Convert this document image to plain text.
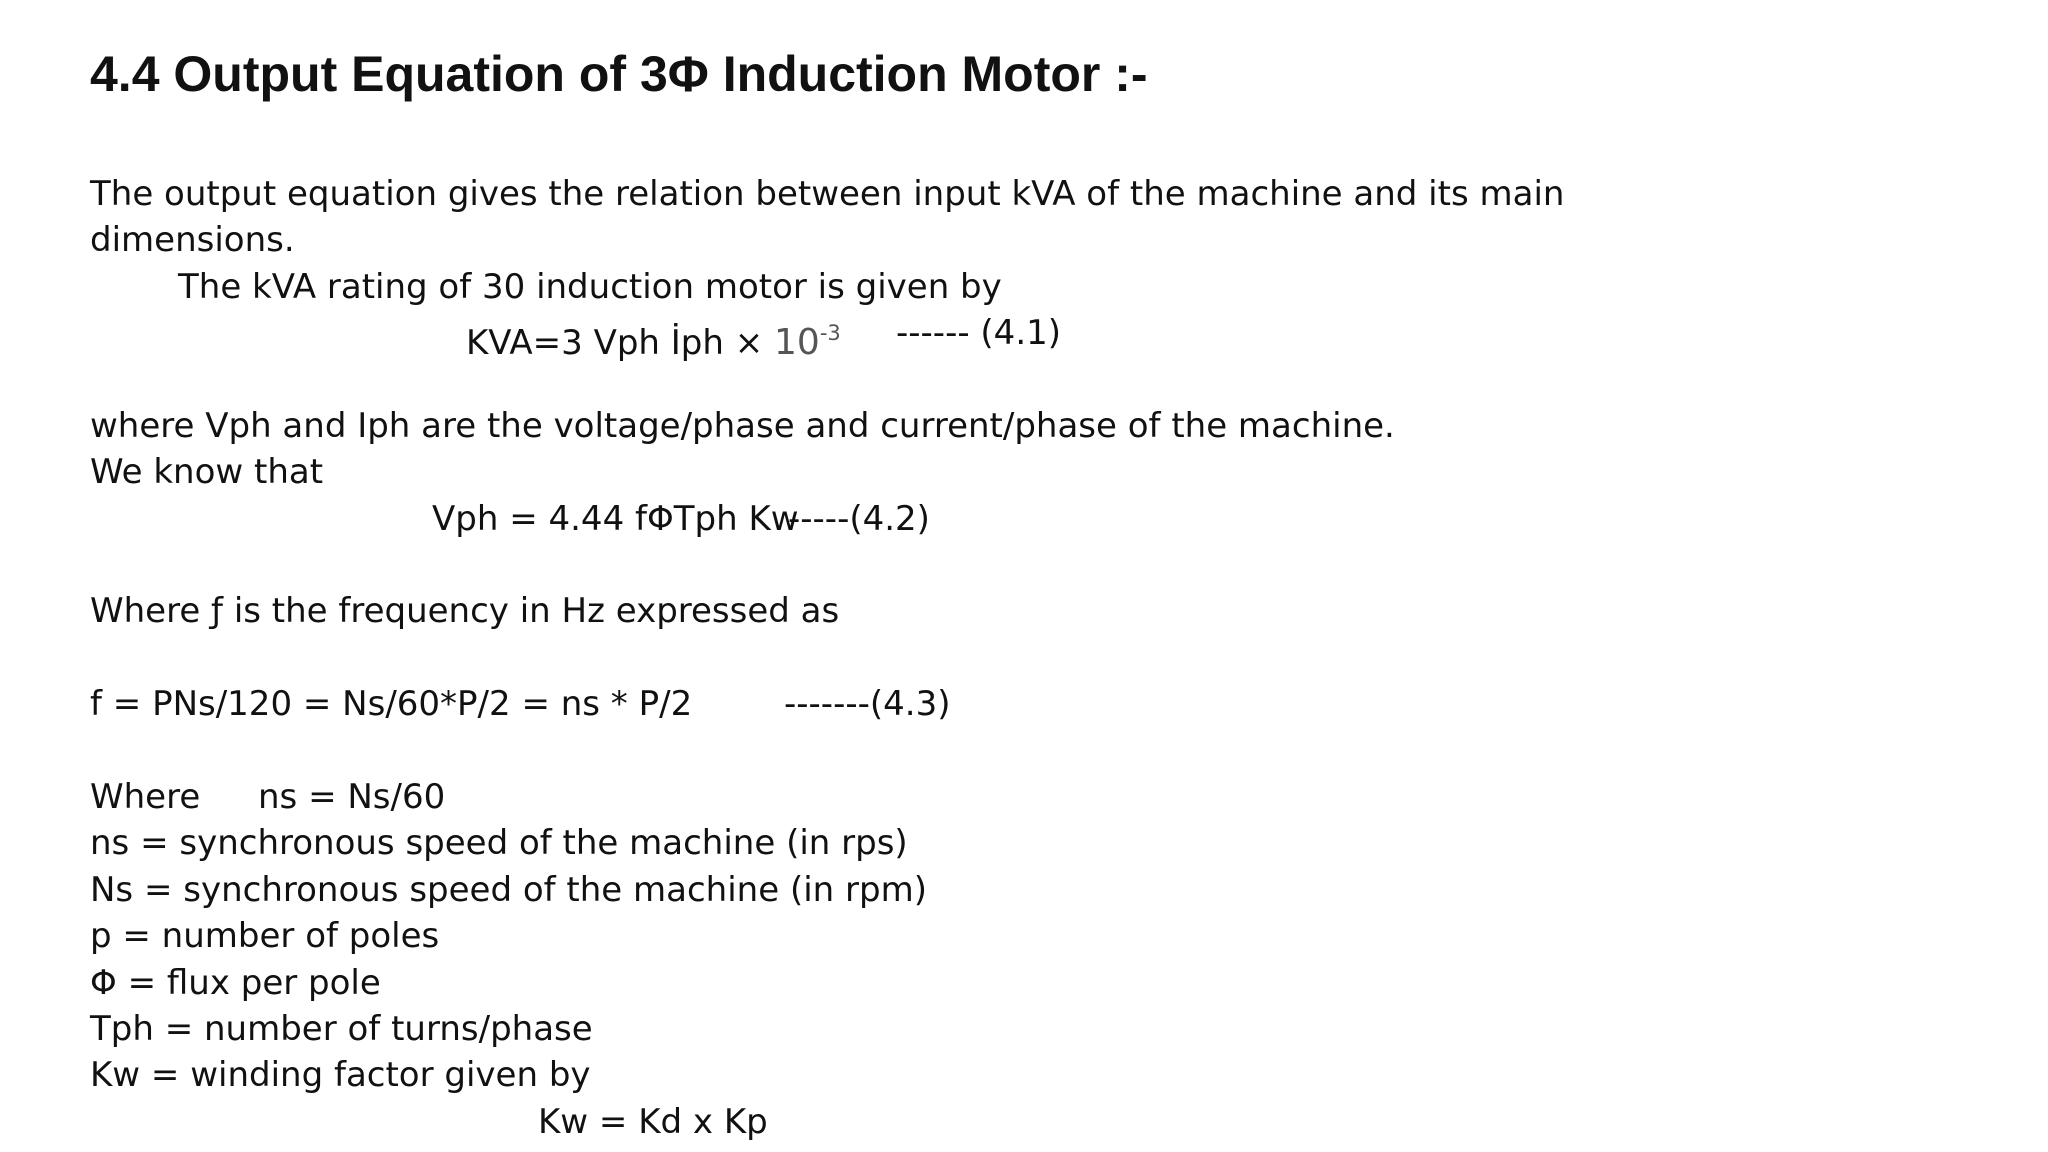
4.4 Output Equation of 3Φ Induction Motor :-
The output equation gives the relation between input kVA of the machine and its main
dimensions.
The kVA rating of 30 induction motor is given by
KVA=3 Vph İph × $10^{-3}$ ------ (4.1)
where Vph and Iph are the voltage/phase and current/phase of the machine.
We know that
Vph = 4.44 fΦTph Kw
-----(4.2)
Where ƒ is the frequency in Hz expressed as
f = PNs/120 = Ns/60*P/2 = ns * P/2	-------(4.3)
Where ns = Ns/60
ns = synchronous speed of the machine (in rps)
Ns = synchronous speed of the machine (in rpm)
p = number of poles
Φ = flux per pole
Tph = number of turns/phase
Kw = winding factor given by
Kw = Kd x Kp
